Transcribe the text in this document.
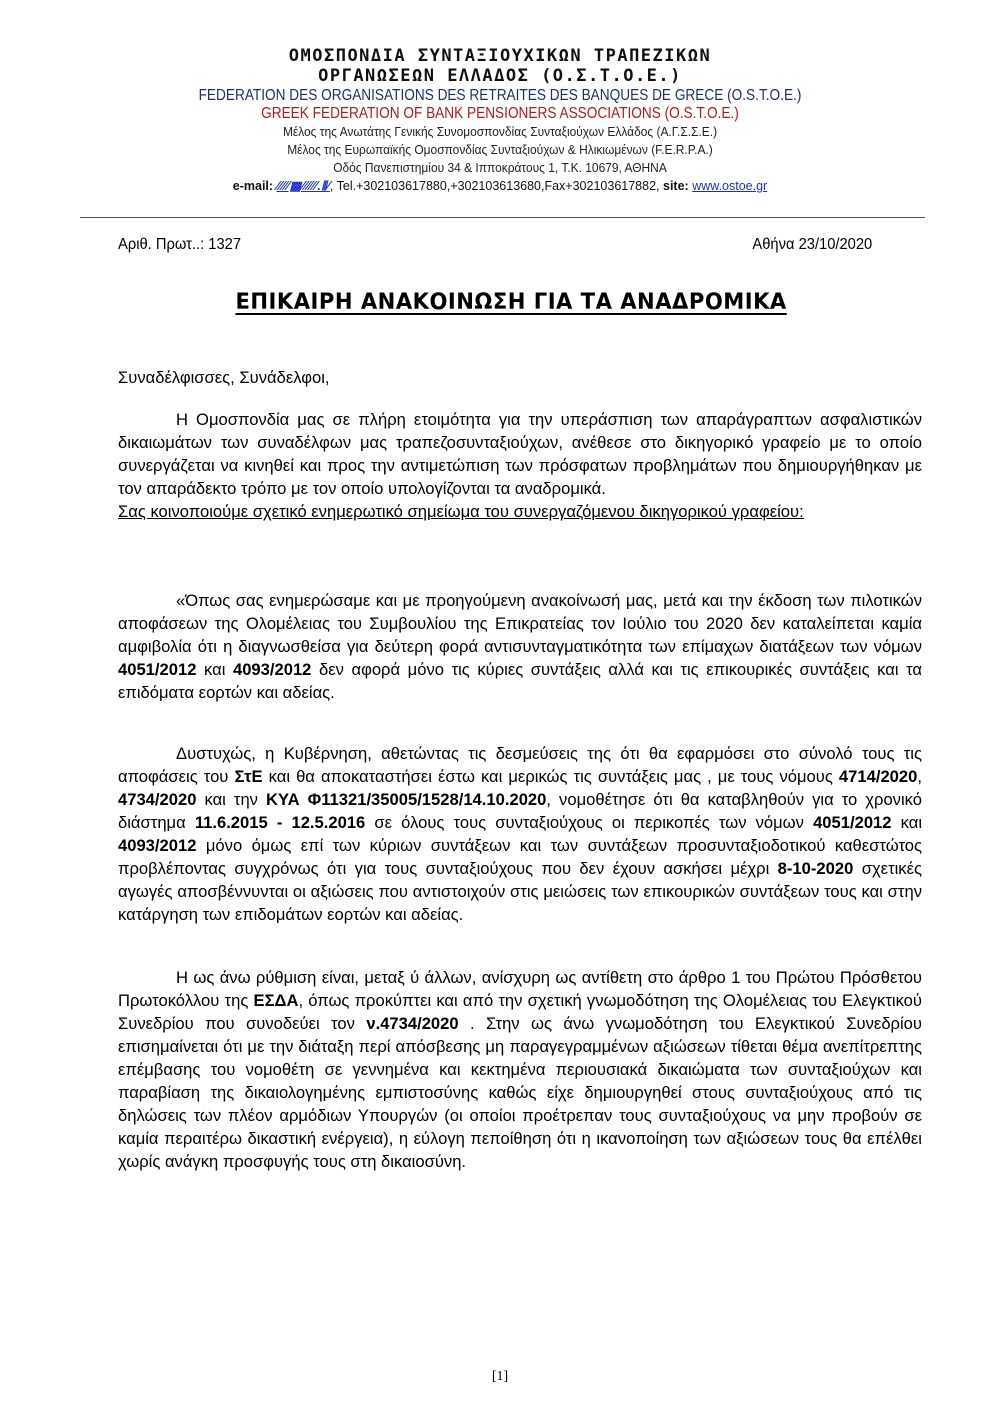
ΟΜΟΣΠΟΝΔΙΑ ΣΥΝΤΑΞΙΟΥΧΙΚΩΝ ΤΡΑΠΕΖΙΚΩΝ
ΟΡΓΑΝΩΣΕΩΝ ΕΛΛΑΔΟΣ (Ο.Σ.Τ.Ο.Ε.)
FEDERATION DES ORGANISATIONS DES RETRAITES DES BANQUES DE GRECE (O.S.T.O.E.)
GREEK FEDERATION OF BANK PENSIONERS ASSOCIATIONS (O.S.T.O.E.)
Μέλος της Ανωτάτης Γενικής Συνομοσπονδίας Συνταξιούχων Ελλάδος (Α.Γ.Σ.Σ.Ε.)
Μέλος της Ευρωπαϊκής Ομοσπονδίας Συνταξιούχων & Ηλικιωμένων (F.E.R.P.A.)
Οδός Πανεπιστημίου 34 & Ιπποκράτους 1, Τ.Κ. 10679, ΑΘΗΝΑ
e-mail: ⁄⁄⁄⁄⁄▩⁄⁄⁄⁄⁄⁄.⦀⁄, Tel.+302103617880,+302103613680,Fax+302103617882, site: www.ostoe.gr
Αριθ. Πρωτ..: 1327	Αθήνα 23/10/2020
ΕΠΙΚΑΙΡΗ ΑΝΑΚΟΙΝΩΣΗ ΓΙΑ ΤΑ ΑΝΑΔΡΟΜΙΚΑ

Συναδέλφισσες, Συνάδελφοι,

Η Ομοσπονδία μας σε πλήρη ετοιμότητα για την υπεράσπιση των απαράγραπτων ασφαλιστικών δικαιωμάτων των συναδέλφων μας τραπεζοσυνταξιούχων, ανέθεσε στο δικηγορικό γραφείο με το οποίο συνεργάζεται να κινηθεί και προς την αντιμετώπιση των πρόσφατων προβλημάτων που δημιουργήθηκαν με τον απαράδεκτο τρόπο με τον οποίο υπολογίζονται τα αναδρομικά.

Σας κοινοποιούμε σχετικό ενημερωτικό σημείωμα του συνεργαζόμενου δικηγορικού γραφείου:

«Όπως σας ενημερώσαμε και με προηγούμενη ανακοίνωσή μας, μετά και την έκδοση των πιλοτικών αποφάσεων της Ολομέλειας του Συμβουλίου της Επικρατείας τον Ιούλιο του 2020 δεν καταλείπεται καμία αμφιβολία ότι η διαγνωσθείσα για δεύτερη φορά αντισυνταγματικότητα των επίμαχων διατάξεων των νόμων 4051/2012 και 4093/2012 δεν αφορά μόνο τις κύριες συντάξεις αλλά και τις επικουρικές συντάξεις και τα επιδόματα εορτών και αδείας.

Δυστυχώς, η Κυβέρνηση, αθετώντας τις δεσμεύσεις της ότι θα εφαρμόσει στο σύνολό τους τις αποφάσεις του ΣτΕ και θα αποκαταστήσει έστω και μερικώς τις συντάξεις μας , με τους νόμους 4714/2020, 4734/2020 και την ΚΥΑ Φ11321/35005/1528/14.10.2020, νομοθέτησε ότι θα καταβληθούν για το χρονικό διάστημα 11.6.2015 - 12.5.2016 σε όλους τους συνταξιούχους οι περικοπές των νόμων 4051/2012 και 4093/2012 μόνο όμως επί των κύριων συντάξεων και των συντάξεων προσυνταξιοδοτικού καθεστώτος προβλέποντας συγχρόνως ότι για τους συνταξιούχους που δεν έχουν ασκήσει μέχρι 8-10-2020 σχετικές αγωγές αποσβέννυνται οι αξιώσεις που αντιστοιχούν στις μειώσεις των επικουρικών συντάξεων τους και στην κατάργηση των επιδομάτων εορτών και αδείας.

Η ως άνω ρύθμιση είναι, μεταξ ύ άλλων, ανίσχυρη ως αντίθετη στο άρθρο 1 του Πρώτου Πρόσθετου Πρωτοκόλλου της ΕΣΔΑ, όπως προκύπτει και από την σχετική γνωμοδότηση της Ολομέλειας του Ελεγκτικού Συνεδρίου που συνοδεύει τον ν.4734/2020 . Στην ως άνω γνωμοδότηση του Ελεγκτικού Συνεδρίου επισημαίνεται ότι με την διάταξη περί απόσβεσης μη παραγεγραμμένων αξιώσεων τίθεται θέμα ανεπίτρεπτης επέμβασης του νομοθέτη σε γεννημένα και κεκτημένα περιουσιακά δικαιώματα των συνταξιούχων και παραβίαση της δικαιολογημένης εμπιστοσύνης καθώς είχε δημιουργηθεί στους συνταξιούχους από τις δηλώσεις των πλέον αρμόδιων Υπουργών (οι οποίοι προέτρεπαν τους συνταξιούχους να μην προβούν σε καμία περαιτέρω δικαστική ενέργεια), η εύλογη πεποίθηση ότι η ικανοποίηση των αξιώσεων τους θα επέλθει χωρίς ανάγκη προσφυγής τους στη δικαιοσύνη.

[1]
